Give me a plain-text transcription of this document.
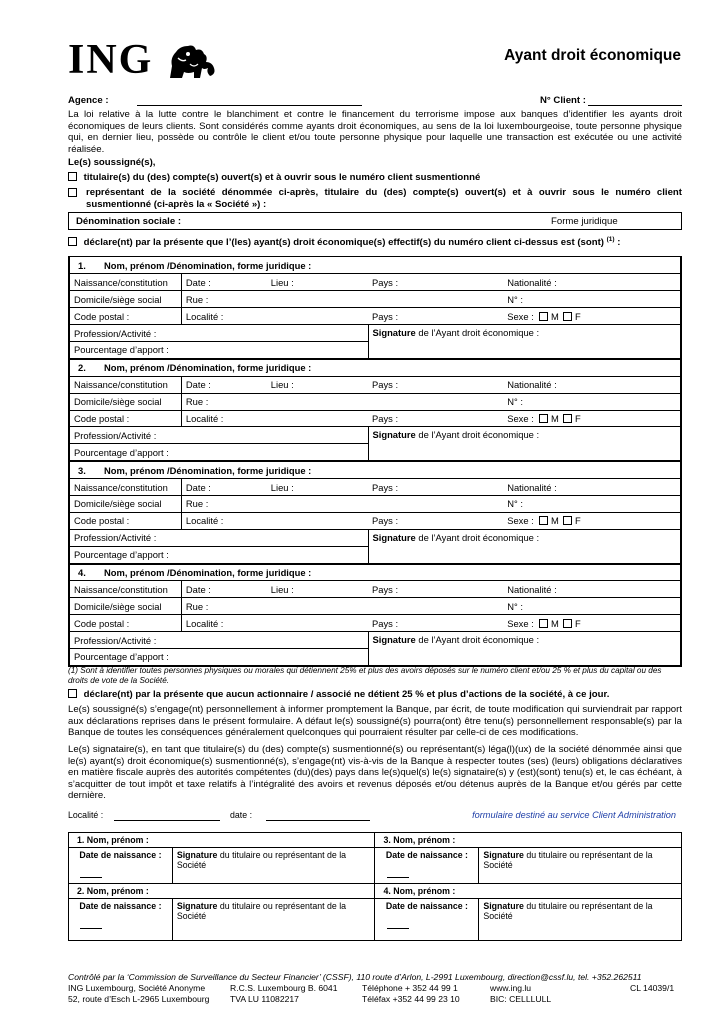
ING	Ayant droit économique
Agence :	N° Client :
La loi relative à la lutte contre le blanchiment et contre le financement du terrorisme impose aux banques d’identifier les ayants droit économiques de leurs clients. Sont considérés comme ayants droit économiques, au sens de la loi luxembourgeoise, toute personne physique qui, en dernier lieu, possède ou contrôle le client et/ou toute personne physique pour laquelle une transaction est exécutée ou une activité réalisée.
Le(s) soussigné(s),
titulaire(s) du (des) compte(s) ouvert(s) et à ouvrir sous le numéro client susmentionné
représentant de la société dénommée ci-après, titulaire du (des) compte(s) ouvert(s) et à ouvrir sous le numéro client susmentionné (ci-après la « Société ») :
Dénomination sociale :	Forme juridique
déclare(nt) par la présente que l’(les) ayant(s) droit économique(s) effectif(s) du numéro client ci-dessus est (sont) $^{(1)}$ :
1. Nom, prénom /Dénomination, forme juridique :				
Naissance/constitution	Date :	Lieu :	Pays :	Nationalité :
Domicile/siège social	Rue :			N° :
Code postal :	Localité :		Pays :	Sexe : M F
Profession/Activité :			Signature de l’Ayant droit économique :	
Pourcentage d’apport :				
2. Nom, prénom /Dénomination, forme juridique :				
Naissance/constitution	Date :	Lieu :	Pays :	Nationalité :
Domicile/siège social	Rue :			N° :
Code postal :	Localité :		Pays :	Sexe : M F
Profession/Activité :			Signature de l’Ayant droit économique :	
Pourcentage d’apport :				
3. Nom, prénom /Dénomination, forme juridique :				
Naissance/constitution	Date :	Lieu :	Pays :	Nationalité :
Domicile/siège social	Rue :			N° :
Code postal :	Localité :		Pays :	Sexe : M F
Profession/Activité :			Signature de l’Ayant droit économique :	
Pourcentage d’apport :				
4. Nom, prénom /Dénomination, forme juridique :				
Naissance/constitution	Date :	Lieu :	Pays :	Nationalité :
Domicile/siège social	Rue :			N° :
Code postal :	Localité :		Pays :	Sexe : M F
Profession/Activité :			Signature de l’Ayant droit économique :	
Pourcentage d’apport :				
(1) Sont à identifier toutes personnes physiques ou morales qui détiennent 25% et plus des avoirs déposés sur le numéro client et/ou 25 % et plus du capital ou des droits de vote de la Société.
déclare(nt) par la présente que aucun actionnaire / associé ne détient 25 % et plus d’actions de la société, à ce jour.
Le(s) soussigné(s) s’engage(nt) personnellement à informer promptement la Banque, par écrit, de toute modification qui surviendrait par rapport aux déclarations reprises dans le présent formulaire. A défaut le(s) soussigné(s) pourra(ont) être tenu(s) personnellement responsable(s) par la Banque de toutes les conséquences généralement quelconques qui pourraient résulter par celle-ci de ces modifications.
Le(s) signataire(s), en tant que titulaire(s) du (des) compte(s) susmentionné(s) ou représentant(s) léga(l)(ux) de la société dénommée ainsi que le(s) ayant(s) droit économique(s) susmentionné(s), s’engage(nt) vis-à-vis de la Banque à respecter toutes (ses) (leurs) obligations déclaratives en matière fiscale auprès des autorités compétentes (du)(des) pays dans le(s)quel(s) le(s) signataire(s) y (est)(sont) tenu(s) et, le cas échéant, à s’acquitter de tout impôt et taxe relatifs à l’intégralité des avoirs et revenus déposés et/ou détenus auprès de la Banque et/ou gérés par cette dernière.
Localité :	date :	formulaire destiné au service Client Administration
1. Nom, prénom :		3. Nom, prénom :	
Date de naissance :	Signature du titulaire ou représentant de la Société	Date de naissance :	Signature du titulaire ou représentant de la Société
2. Nom, prénom :		4. Nom, prénom :	
Date de naissance :	Signature du titulaire ou représentant de la Société	Date de naissance :	Signature du titulaire ou représentant de la Société
Contrôlé par la ‘Commission de Surveillance du Secteur Financier’ (CSSF), 110 route d’Arlon, L-2991 Luxembourg, direction@cssf.lu, tel. +352.262511
ING Luxembourg, Société Anonyme
52, route d’Esch L-2965 Luxembourg
R.C.S. Luxembourg B. 6041
TVA LU 11082217
Téléphone + 352 44 99 1
Téléfax +352 44 99 23 10
www.ing.lu
BIC: CELLLULL
CL 14039/1
